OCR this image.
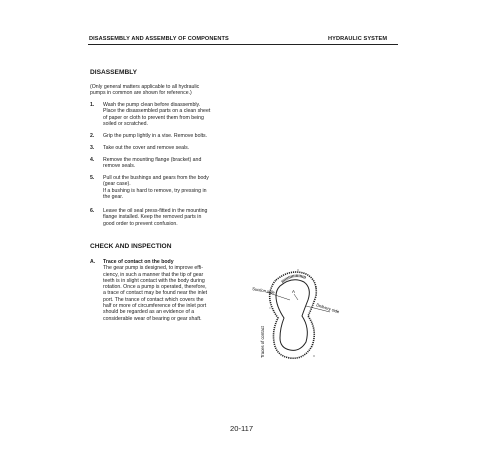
DISASSEMBLY AND ASSEMBLY OF COMPONENTS	HYDRAULIC SYSTEM
DISASSEMBLY
(Only general matters applicable to all hydraulic
pumps in common are shown for reference.)
1. Wash the pump clean before disassembly.
Place the disassembled parts on a clean sheet
of paper or cloth to prevent them from being
soiled or scratched.
2. Grip the pump lightly in a vise. Remove bolts.
3. Take out the cover and remove seals.
4. Remove the mounting flange (bracket) and
remove seals.
5. Pull out the bushings and gears from the body
(gear case).
If a bushing is hard to remove, try pressing in
the gear.
6. Leave the oil seal press-fitted in the mounting
flange installed. Keep the removed parts in
good order to prevent confusion.
CHECK AND INSPECTION
A. Trace of contact on the body
The gear pump is designed, to improve effi-
ciency, in such a manner that the tip of gear
teeth is in slight contact with the body during
rotation. Once a pump is operated, therefore,
a trace of contact may be found near the inlet
port. The trance of contact which covers the
half or more of circumference of the inlet port
should be regarded as an evidence of a
considerable wear of bearing or gear shaft.
Suction side
Delivery side
A
Traces of contact
20-117
